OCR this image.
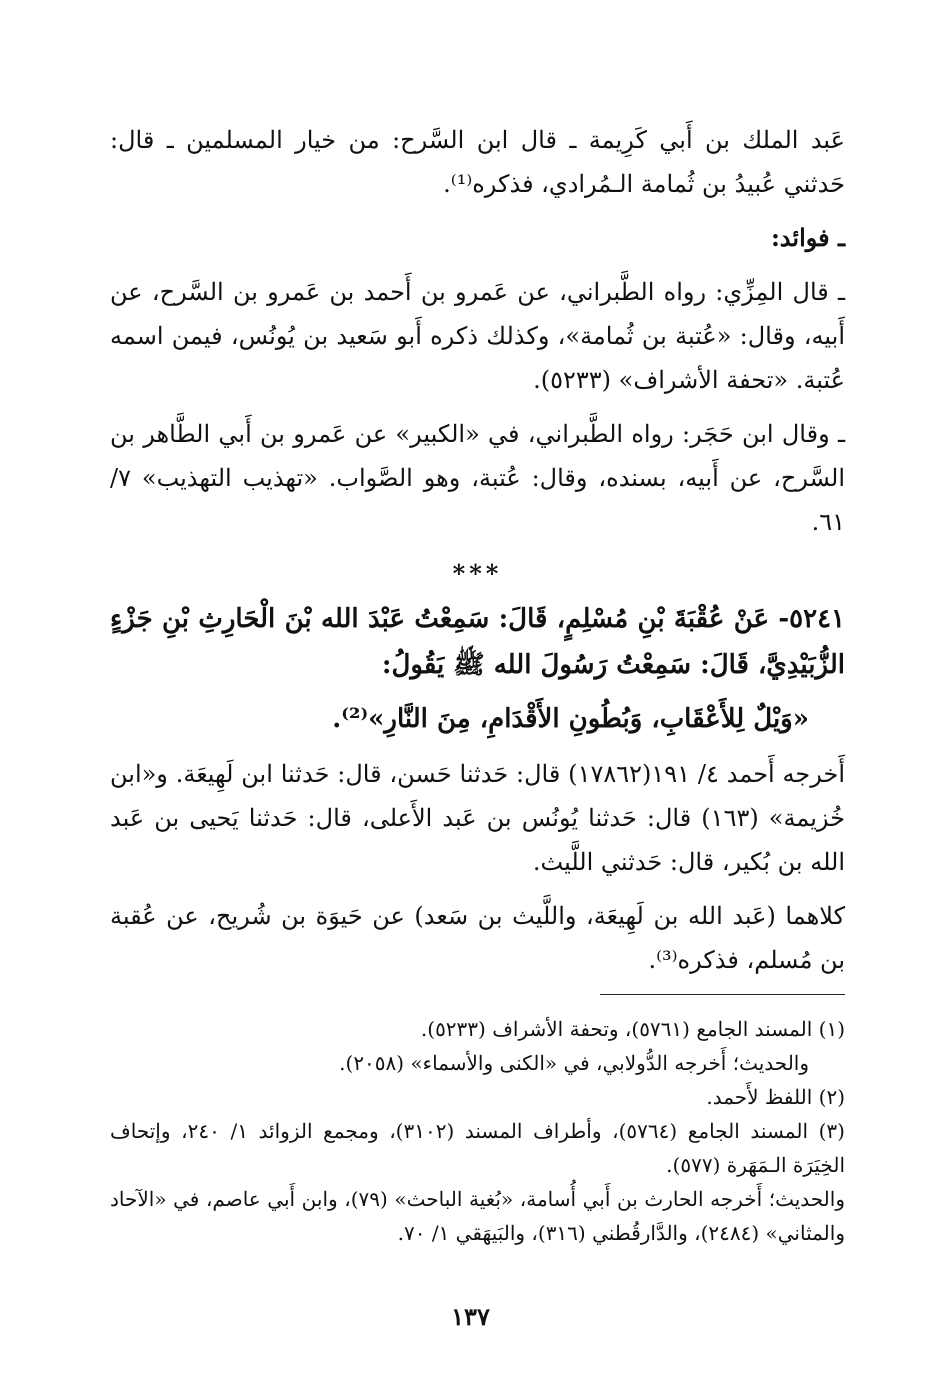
عَبد الملك بن أَبي كَرِيمة ـ قال ابن السَّرح: من خيار المسلمين ـ قال: حَدثني عُبيدُ بن ثُمامة الـمُرادي، فذكره⁽¹⁾.

ـ فوائد:

ـ قال المِزِّي: رواه الطَّبراني، عن عَمرو بن أَحمد بن عَمرو بن السَّرح، عن أَبيه، وقال: «عُتبة بن ثُمامة»، وكذلك ذكره أَبو سَعيد بن يُونُس، فيمن اسمه عُتبة. «تحفة الأشراف» (٥٢٣٣).

ـ وقال ابن حَجَر: رواه الطَّبراني، في «الكبير» عن عَمرو بن أَبي الطَّاهر بن السَّرح، عن أَبيه، بسنده، وقال: عُتبة، وهو الصَّواب. «تهذيب التهذيب» ٧/ ٦١.

***

٥٢٤١- عَنْ عُقْبَةَ بْنِ مُسْلِمٍ، قَالَ: سَمِعْتُ عَبْدَ الله بْنَ الْحَارِثِ بْنِ جَزْءٍ الزُّبَيْدِيَّ، قَالَ: سَمِعْتُ رَسُولَ الله ﷺ يَقُولُ:

«وَيْلٌ لِلأَعْقَابِ، وَبُطُونِ الأَقْدَامِ، مِنَ النَّارِ»⁽²⁾.

أَخرجه أَحمد ٤/ ١٩١(١٧٨٦٢) قال: حَدثنا حَسن، قال: حَدثنا ابن لَهِيعَة. و«ابن خُزيمة» (١٦٣) قال: حَدثنا يُونُس بن عَبد الأَعلى، قال: حَدثنا يَحيى بن عَبد الله بن بُكير، قال: حَدثني اللَّيث.

كلاهما (عَبد الله بن لَهِيعَة، واللَّيث بن سَعد) عن حَيوَة بن شُريح، عن عُقبة بن مُسلم، فذكره⁽³⁾.

(١) المسند الجامع (٥٧٦١)، وتحفة الأشراف (٥٢٣٣).

والحديث؛ أَخرجه الدُّولابي، في «الكنى والأسماء» (٢٠٥٨).

(٢) اللفظ لأَحمد.

(٣) المسند الجامع (٥٧٦٤)، وأطراف المسند (٣١٠٢)، ومجمع الزوائد ١/ ٢٤٠، وإتحاف الخِيَرَة الـمَهَرة (٥٧٧).

والحديث؛ أَخرجه الحارث بن أَبي أُسامة، «بُغية الباحث» (٧٩)، وابن أَبي عاصم، في «الآحاد والمثاني» (٢٤٨٤)، والدَّارقُطني (٣١٦)، والبَيهَقي ١/ ٧٠.

١٣٧
